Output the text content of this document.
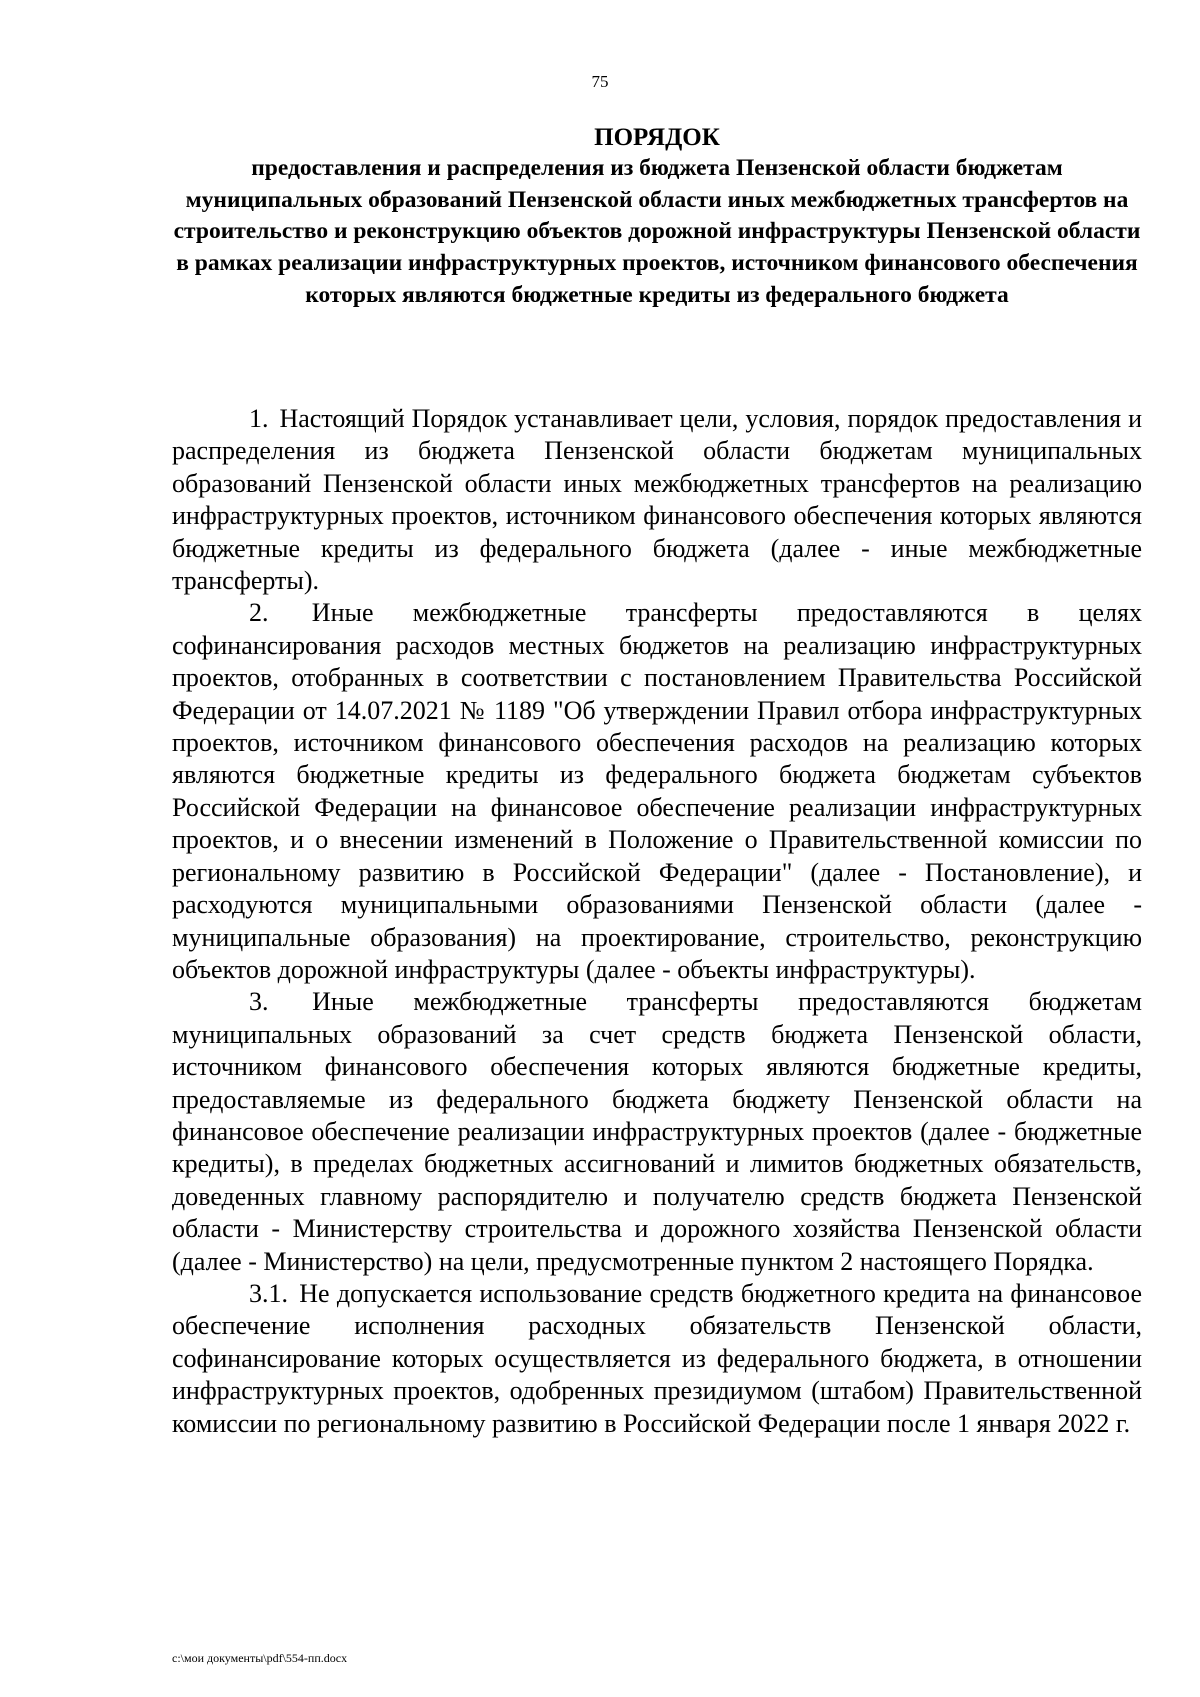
75
ПОРЯДОК
предоставления и распределения из бюджета Пензенской области бюджетам муниципальных образований Пензенской области иных межбюджетных трансфертов на строительство и реконструкцию объектов дорожной инфраструктуры Пензенской области в рамках реализации инфраструктурных проектов, источником финансового обеспечения которых являются бюджетные кредиты из федерального бюджета

1. Настоящий Порядок устанавливает цели, условия, порядок предоставления и распределения из бюджета Пензенской области бюджетам муниципальных образований Пензенской области иных межбюджетных трансфертов на реализацию инфраструктурных проектов, источником финансового обеспечения которых являются бюджетные кредиты из федерального бюджета (далее - иные межбюджетные трансферты).

2. Иные межбюджетные трансферты предоставляются в целях софинансирования расходов местных бюджетов на реализацию инфраструктурных проектов, отобранных в соответствии с постановлением Правительства Российской Федерации от 14.07.2021 № 1189 "Об утверждении Правил отбора инфраструктурных проектов, источником финансового обеспечения расходов на реализацию которых являются бюджетные кредиты из федерального бюджета бюджетам субъектов Российской Федерации на финансовое обеспечение реализации инфраструктурных проектов, и о внесении изменений в Положение о Правительственной комиссии по региональному развитию в Российской Федерации" (далее - Постановление), и расходуются муниципальными образованиями Пензенской области (далее - муниципальные образования) на проектирование, строительство, реконструкцию объектов дорожной инфраструктуры (далее - объекты инфраструктуры).

3. Иные межбюджетные трансферты предоставляются бюджетам муниципальных образований за счет средств бюджета Пензенской области, источником финансового обеспечения которых являются бюджетные кредиты, предоставляемые из федерального бюджета бюджету Пензенской области на финансовое обеспечение реализации инфраструктурных проектов (далее - бюджетные кредиты), в пределах бюджетных ассигнований и лимитов бюджетных обязательств, доведенных главному распорядителю и получателю средств бюджета Пензенской области - Министерству строительства и дорожного хозяйства Пензенской области (далее - Министерство) на цели, предусмотренные пунктом 2 настоящего Порядка.

3.1. Не допускается использование средств бюджетного кредита на финансовое обеспечение исполнения расходных обязательств Пензенской области, софинансирование которых осуществляется из федерального бюджета, в отношении инфраструктурных проектов, одобренных президиумом (штабом) Правительственной комиссии по региональному развитию в Российской Федерации после 1 января 2022 г.

c:\мои документы\pdf\554-пп.docx
